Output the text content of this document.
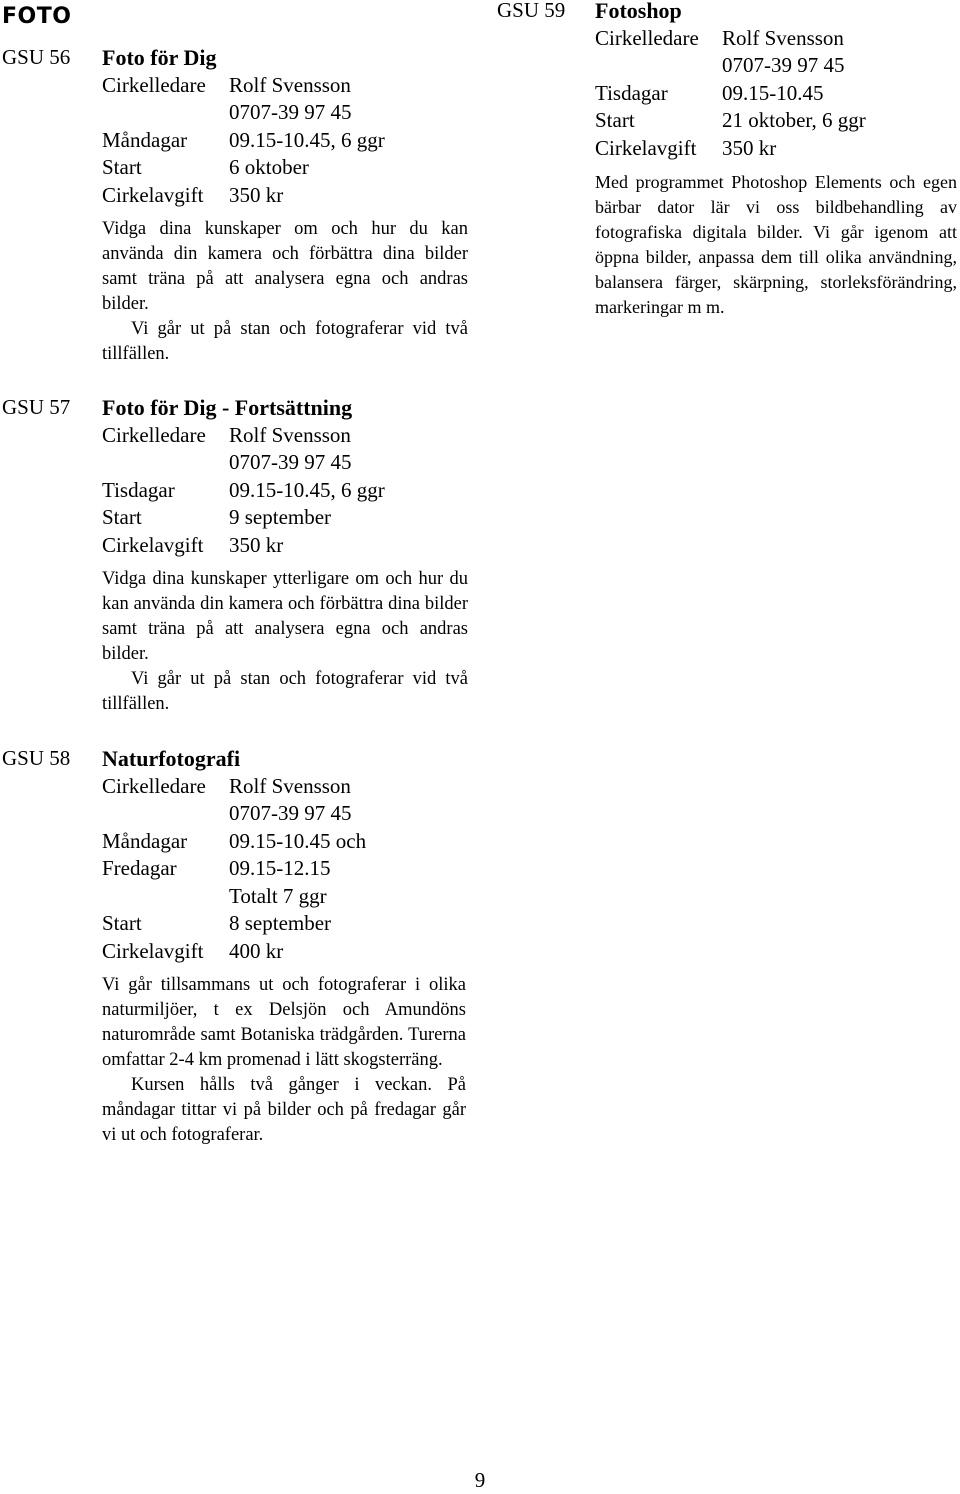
FOTO
GSU 56 Foto för Dig
Cirkelledare Rolf Svensson
0707-39 97 45
Måndagar 09.15-10.45, 6 ggr
Start	6 oktober
Cirkelavgift 350 kr

Vidga dina kunskaper om och hur du kan använda din kamera och förbättra dina bilder samt träna på att analysera egna och andras bilder.

Vi går ut på stan och fotograferar vid två tillfällen.

GSU 57 Foto för Dig - Fortsättning
Cirkelledare Rolf Svensson
0707-39 97 45
Tisdagar	09.15-10.45, 6 ggr
Start	9 september
Cirkelavgift 350 kr

Vidga dina kunskaper ytterligare om och hur du kan använda din kamera och förbättra dina bilder samt träna på att analysera egna och andras bilder.

Vi går ut på stan och fotograferar vid två tillfällen.

GSU 58 Naturfotografi
Cirkelledare Rolf Svensson
0707-39 97 45
Måndagar 09.15-10.45 och
Fredagar 09.15-12.15
Totalt 7 ggr
Start	8 september
Cirkelavgift 400 kr

Vi går tillsammans ut och fotograferar i olika naturmiljöer, t ex Delsjön och Amundöns naturområde samt Botaniska trädgården. Turerna omfattar 2-4 km promenad i lätt skogsterräng.

Kursen hålls två gånger i veckan. På måndagar tittar vi på bilder och på fredagar går vi ut och fotograferar.

GSU 59 Fotoshop
Cirkelledare Rolf Svensson
0707-39 97 45
Tisdagar	09.15-10.45
Start	21 oktober, 6 ggr
Cirkelavgift 350 kr

Med programmet Photoshop Elements och egen bärbar dator lär vi oss bildbehandling av fotografiska digitala bilder. Vi går igenom att öppna bilder, anpassa dem till olika användning, balansera färger, skärpning, storleksförändring, markeringar m m.

9
